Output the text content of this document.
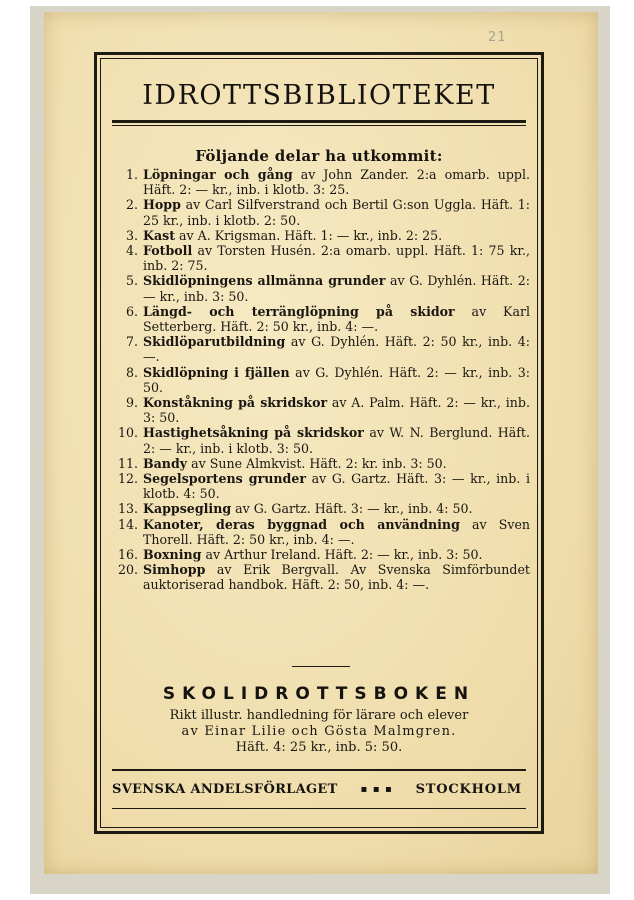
21
IDROTTSBIBLIOTEKET
Följande delar ha utkommit:
1. Löpningar och gång av John Zander. 2:a omarb. uppl. Häft. 2: — kr., inb. i klotb. 3: 25.
2. Hopp av Carl Silfverstrand och Bertil G:son Uggla. Häft. 1: 25 kr., inb. i klotb. 2: 50.
3. Kast av A. Krigsman. Häft. 1: — kr., inb. 2: 25.
4. Fotboll av Torsten Husén. 2:a omarb. uppl. Häft. 1: 75 kr., inb. 2: 75.
5. Skidlöpningens allmänna grunder av G. Dyhlén. Häft. 2: — kr., inb. 3: 50.
6. Längd- och terränglöpning på skidor av Karl Setterberg. Häft. 2: 50 kr., inb. 4: —.
7. Skidlöparutbildning av G. Dyhlén. Häft. 2: 50 kr., inb. 4: —.
8. Skidlöpning i fjällen av G. Dyhlén. Häft. 2: — kr., inb. 3: 50.
9. Konståkning på skridskor av A. Palm. Häft. 2: — kr., inb. 3: 50.
10. Hastighetsåkning på skridskor av W. N. Berglund. Häft. 2: — kr., inb. i klotb. 3: 50.
11. Bandy av Sune Almkvist. Häft. 2: kr. inb. 3: 50.
12. Segelsportens grunder av G. Gartz. Häft. 3: — kr., inb. i klotb. 4: 50.
13. Kappsegling av G. Gartz. Häft. 3: — kr., inb. 4: 50.
14. Kanoter, deras byggnad och användning av Sven Thorell. Häft. 2: 50 kr., inb. 4: —.
16. Boxning av Arthur Ireland. Häft. 2: — kr., inb. 3: 50.
20. Simhopp av Erik Bergvall. Av Svenska Simförbundet auktoriserad handbok. Häft. 2: 50, inb. 4: —.
SKOLIDROTTSBOKEN
Rikt illustr. handledning för lärare och elever
av Einar Lilie och Gösta Malmgren.
Häft. 4: 25 kr., inb. 5: 50.
SVENSKA ANDELSFÖRLAGET ▪ ▪ ▪ STOCKHOLM
